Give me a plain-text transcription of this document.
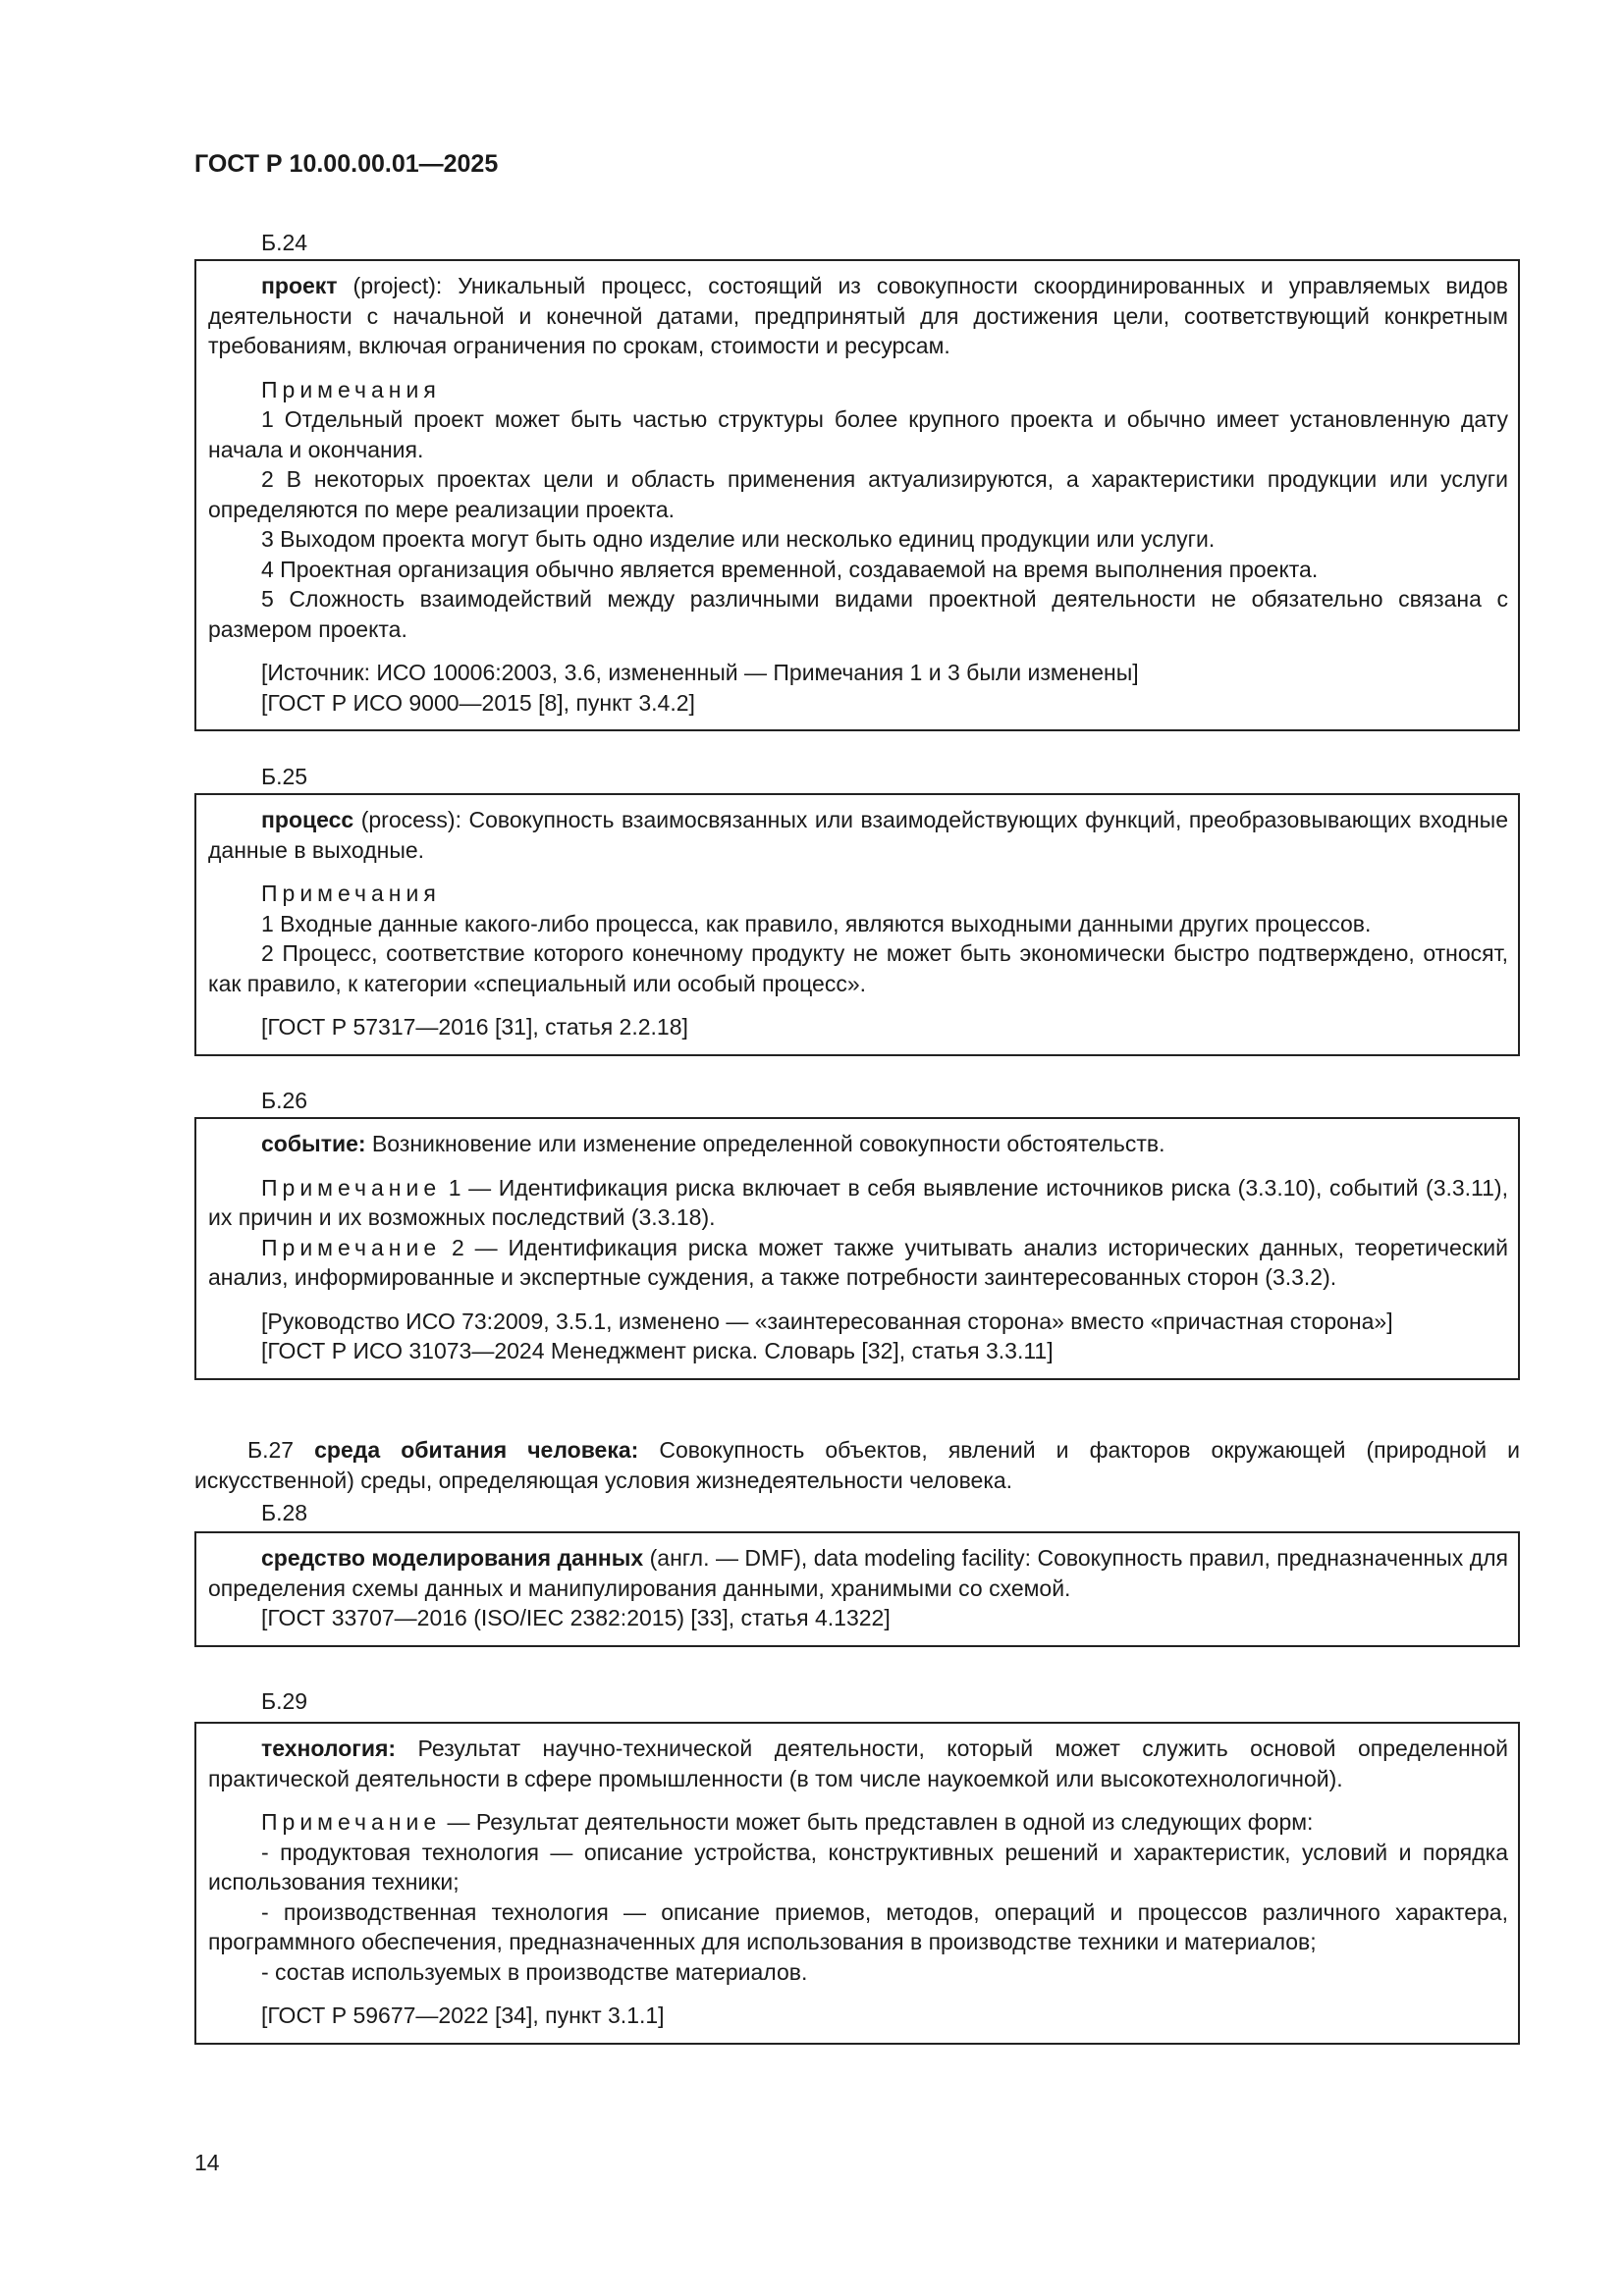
ГОСТ Р 10.00.00.01—2025
Б.24

проект (project): Уникальный процесс, состоящий из совокупности скоординированных и управляемых видов деятельности с начальной и конечной датами, предпринятый для достижения цели, соответствующий конкретным требованиям, включая ограничения по срокам, стоимости и ресурсам.

Примечания

1 Отдельный проект может быть частью структуры более крупного проекта и обычно имеет установленную дату начала и окончания.

2 В некоторых проектах цели и область применения актуализируются, а характеристики продукции или услуги определяются по мере реализации проекта.

3 Выходом проекта могут быть одно изделие или несколько единиц продукции или услуги.

4 Проектная организация обычно является временной, создаваемой на время выполнения проекта.

5 Сложность взаимодействий между различными видами проектной деятельности не обязательно связана с размером проекта.

[Источник: ИСО 10006:2003, 3.6, измененный — Примечания 1 и 3 были изменены]

[ГОСТ Р ИСО 9000—2015 [8], пункт 3.4.2]

Б.25

процесс (process): Совокупность взаимосвязанных или взаимодействующих функций, преобразовывающих входные данные в выходные.

Примечания

1 Входные данные какого-либо процесса, как правило, являются выходными данными других процессов.

2 Процесс, соответствие которого конечному продукту не может быть экономически быстро подтверждено, относят, как правило, к категории «специальный или особый процесс».

[ГОСТ Р 57317—2016 [31], статья 2.2.18]

Б.26

событие: Возникновение или изменение определенной совокупности обстоятельств.

Примечание 1 — Идентификация риска включает в себя выявление источников риска (3.3.10), событий (3.3.11), их причин и их возможных последствий (3.3.18).

Примечание 2 — Идентификация риска может также учитывать анализ исторических данных, теоретический анализ, информированные и экспертные суждения, а также потребности заинтересованных сторон (3.3.2).

[Руководство ИСО 73:2009, 3.5.1, изменено — «заинтересованная сторона» вместо «причастная сторона»]

[ГОСТ Р ИСО 31073—2024 Менеджмент риска. Словарь [32], статья 3.3.11]

Б.27 среда обитания человека: Совокупность объектов, явлений и факторов окружающей (природной и искусственной) среды, определяющая условия жизнедеятельности человека.

Б.28

средство моделирования данных (англ. — DMF), data modeling facility: Совокупность правил, предназначенных для определения схемы данных и манипулирования данными, хранимыми со схемой.

[ГОСТ 33707—2016 (ISO/IEC 2382:2015) [33], статья 4.1322]

Б.29

технология: Результат научно-технической деятельности, который может служить основой определенной практической деятельности в сфере промышленности (в том числе наукоемкой или высокотехнологичной).

Примечание — Результат деятельности может быть представлен в одной из следующих форм:

- продуктовая технология — описание устройства, конструктивных решений и характеристик, условий и порядка использования техники;

- производственная технология — описание приемов, методов, операций и процессов различного характера, программного обеспечения, предназначенных для использования в производстве техники и материалов;

- состав используемых в производстве материалов.

[ГОСТ Р 59677—2022 [34], пункт 3.1.1]

14
